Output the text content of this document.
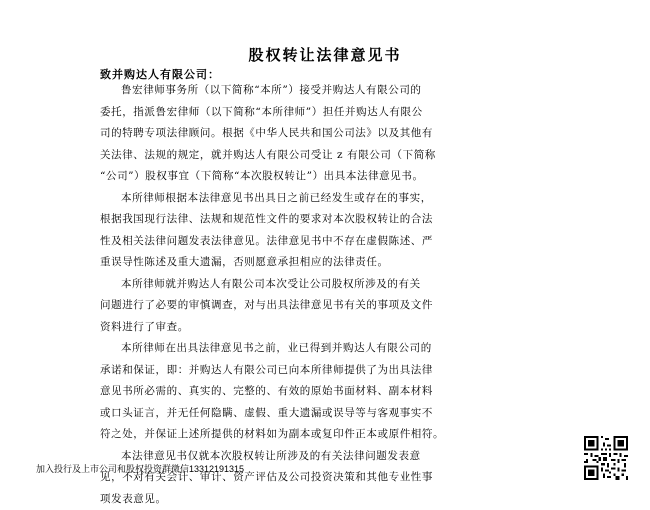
股权转让法律意见书
致并购达人有限公司：
鲁宏律师事务所（以下简称“本所”）接受并购达人有限公司的
委托，指派鲁宏律师（以下简称“本所律师”）担任并购达人有限公
司的特聘专项法律顾问。根据《中华人民共和国公司法》以及其他有
关法律、法规的规定，就并购达人有限公司受让 z 有限公司（下简称
“公司”）股权事宜（下简称“本次股权转让”）出具本法律意见书。
本所律师根据本法律意见书出具日之前已经发生或存在的事实，
根据我国现行法律、法规和规范性文件的要求对本次股权转让的合法
性及相关法律问题发表法律意见。法律意见书中不存在虚假陈述、严
重误导性陈述及重大遗漏，否则愿意承担相应的法律责任。
本所律师就并购达人有限公司本次受让公司股权所涉及的有关
问题进行了必要的审慎调查，对与出具法律意见书有关的事项及文件
资料进行了审查。
本所律师在出具法律意见书之前，业已得到并购达人有限公司的
承诺和保证，即：并购达人有限公司已向本所律师提供了为出具法律
意见书所必需的、真实的、完整的、有效的原始书面材料、副本材料
或口头证言，并无任何隐瞒、虚假、重大遗漏或误导等与客观事实不
符之处，并保证上述所提供的材料如为副本或复印件正本或原件相符。
本法律意见书仅就本次股权转让所涉及的有关法律问题发表意
见，不对有关会计、审计、资产评估及公司投资决策和其他专业性事
项发表意见。
加入投行及上市公司和股权投资群微信13312191315
